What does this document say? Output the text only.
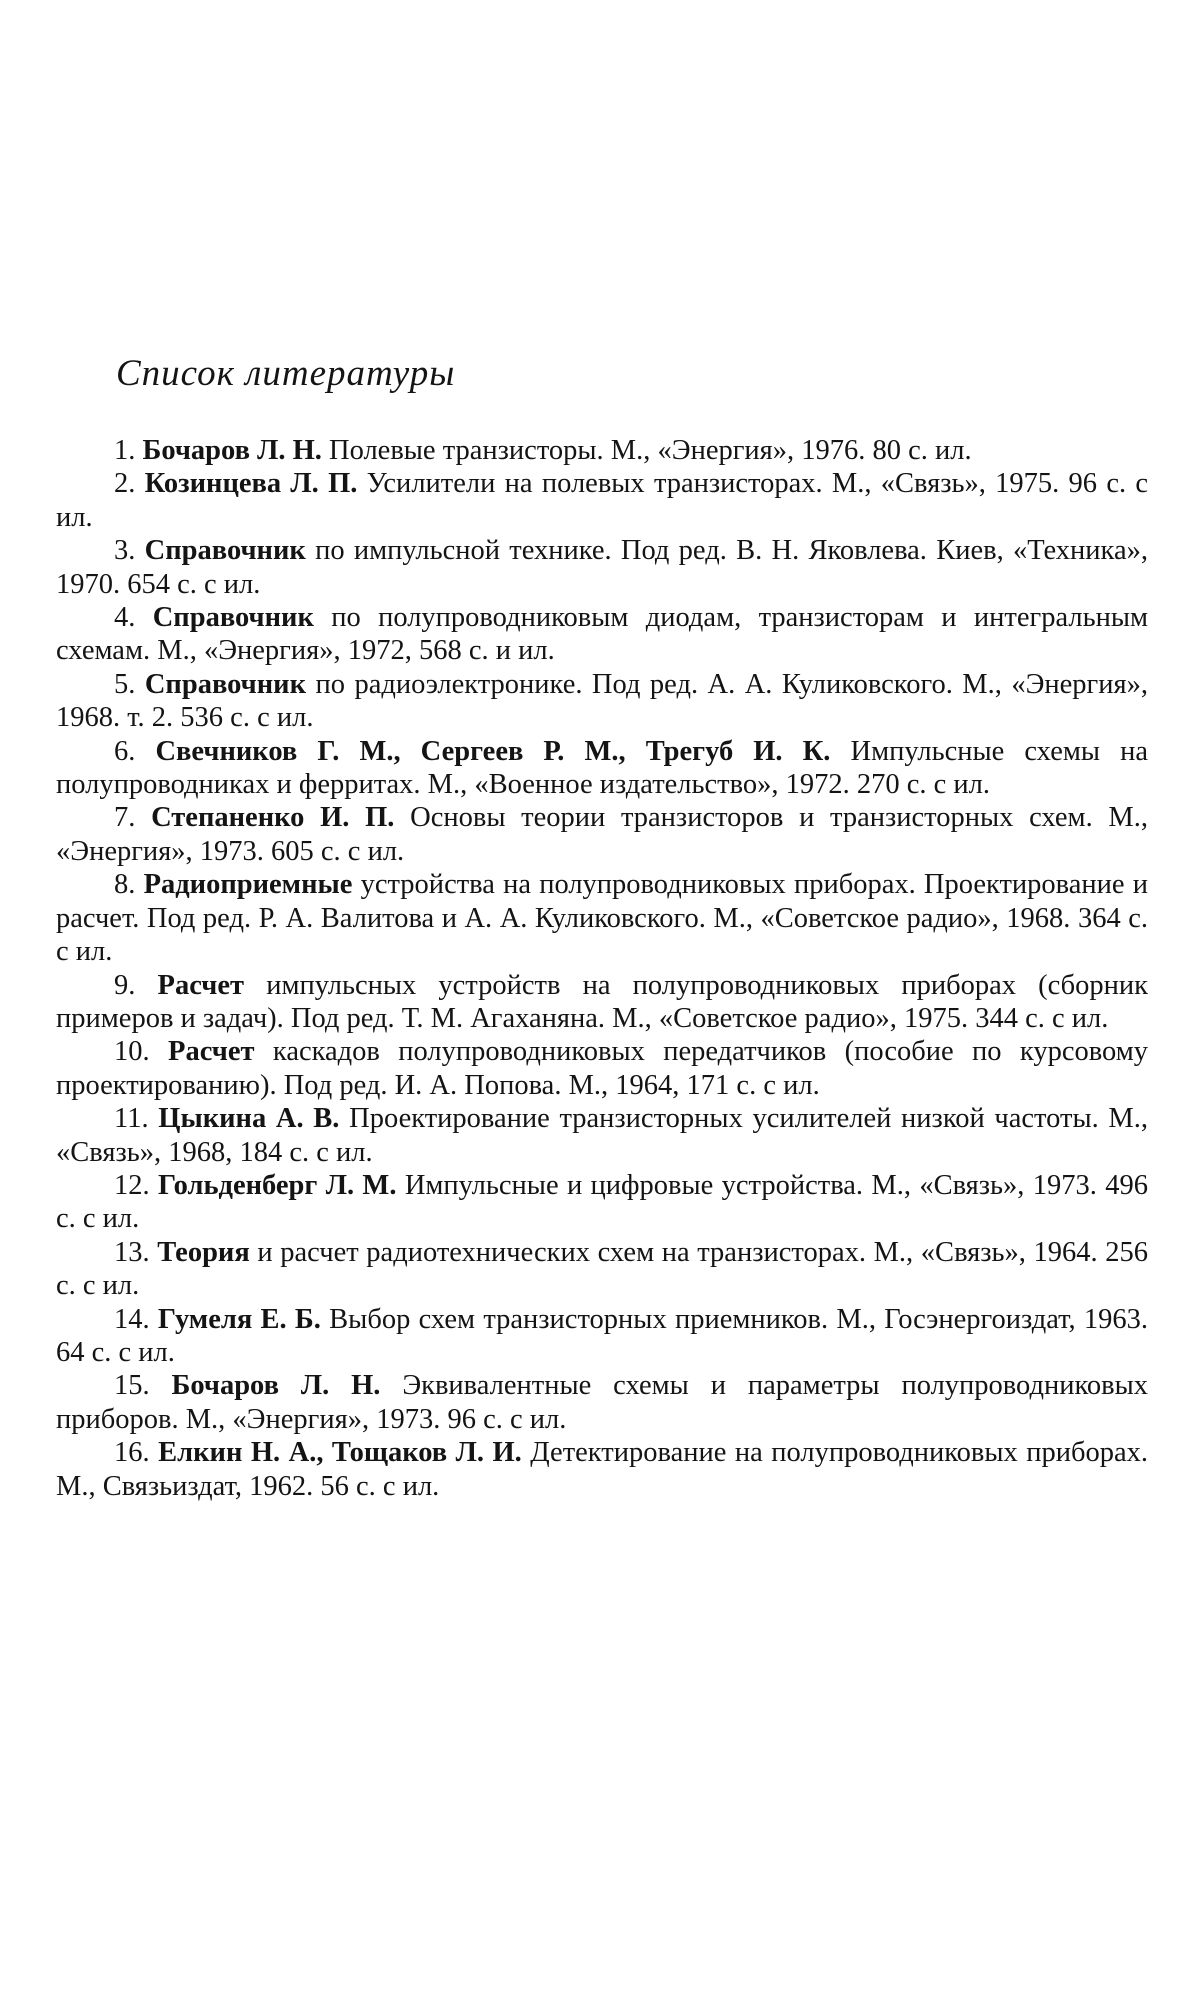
Список литературы
1. Бочаров Л. Н. Полевые транзисторы. М., «Энергия», 1976. 80 с. ил.
2. Козинцева Л. П. Усилители на полевых транзисторах. М., «Связь», 1975. 96 с. с ил.
3. Справочник по импульсной технике. Под ред. В. Н. Яковлева. Киев, «Техника», 1970. 654 с. с ил.
4. Справочник по полупроводниковым диодам, транзисторам и интегральным схемам. М., «Энергия», 1972, 568 с. и ил.
5. Справочник по радиоэлектронике. Под ред. А. А. Куликовского. М., «Энергия», 1968. т. 2. 536 с. с ил.
6. Свечников Г. М., Сергеев Р. М., Трегуб И. К. Импульсные схемы на полупроводниках и ферритах. М., «Военное издательство», 1972. 270 с. с ил.
7. Степаненко И. П. Основы теории транзисторов и транзисторных схем. М., «Энергия», 1973. 605 с. с ил.
8. Радиоприемные устройства на полупроводниковых приборах. Проектирование и расчет. Под ред. Р. А. Валитова и А. А. Куликовского. М., «Советское радио», 1968. 364 с. с ил.
9. Расчет импульсных устройств на полупроводниковых приборах (сборник примеров и задач). Под ред. Т. М. Агаханяна. М., «Советское радио», 1975. 344 с. с ил.
10. Расчет каскадов полупроводниковых передатчиков (пособие по курсовому проектированию). Под ред. И. А. Попова. М., 1964, 171 с. с ил.
11. Цыкина А. В. Проектирование транзисторных усилителей низкой частоты. М., «Связь», 1968, 184 с. с ил.
12. Гольденберг Л. М. Импульсные и цифровые устройства. М., «Связь», 1973. 496 с. с ил.
13. Теория и расчет радиотехнических схем на транзисторах. М., «Связь», 1964. 256 с. с ил.
14. Гумеля Е. Б. Выбор схем транзисторных приемников. М., Госэнергоиздат, 1963. 64 с. с ил.
15. Бочаров Л. Н. Эквивалентные схемы и параметры полупроводниковых приборов. М., «Энергия», 1973. 96 с. с ил.
16. Елкин Н. А., Тощаков Л. И. Детектирование на полупроводниковых приборах. М., Связьиздат, 1962. 56 с. с ил.
